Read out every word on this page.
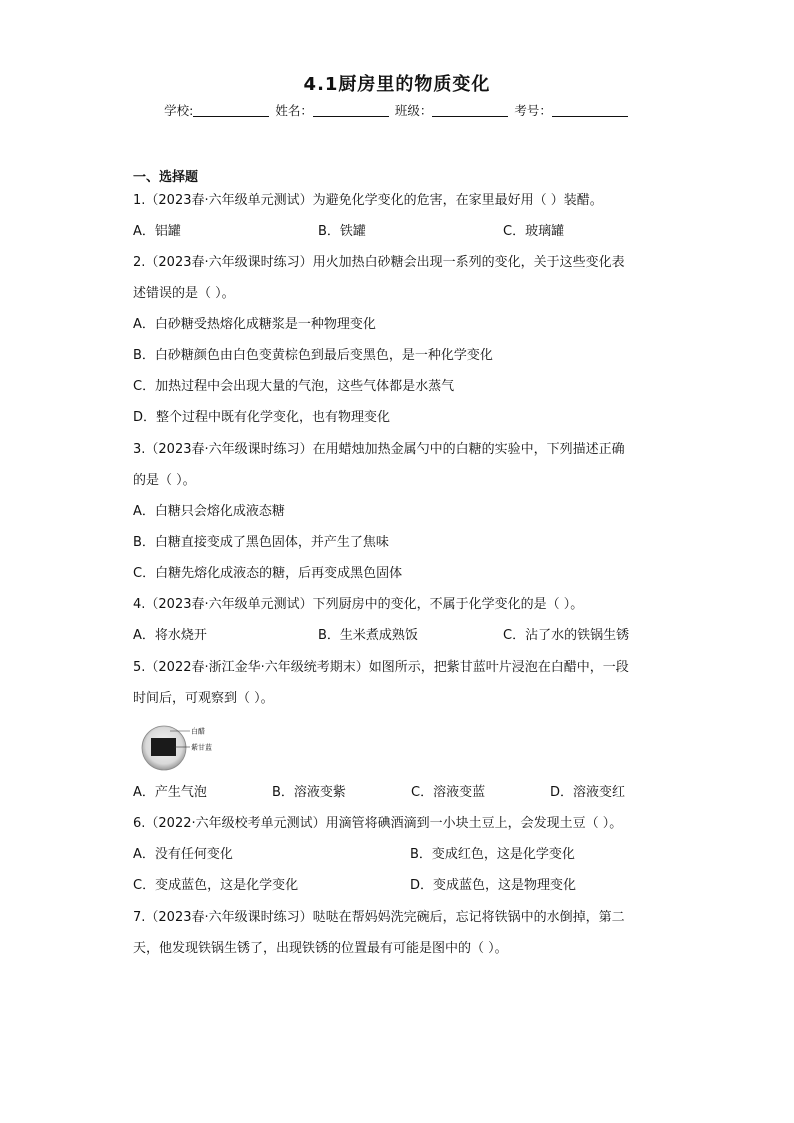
4.1厨房里的物质变化
学校:	姓名：	班级：	考号：
一、选择题
1.（2023春·六年级单元测试）为避免化学变化的危害，在家里最好用（ ）装醋。
A．铝罐	B．铁罐	C．玻璃罐
2.（2023春·六年级课时练习）用火加热白砂糖会出现一系列的变化，关于这些变化表
述错误的是（ ）。
A．白砂糖受热熔化成糖浆是一种物理变化
B．白砂糖颜色由白色变黄棕色到最后变黑色，是一种化学变化
C．加热过程中会出现大量的气泡，这些气体都是水蒸气
D．整个过程中既有化学变化，也有物理变化
3.（2023春·六年级课时练习）在用蜡烛加热金属勺中的白糖的实验中，下列描述正确
的是（ ）。
A．白糖只会熔化成液态糖
B．白糖直接变成了黑色固体，并产生了焦味
C．白糖先熔化成液态的糖，后再变成黑色固体
4.（2023春·六年级单元测试）下列厨房中的变化，不属于化学变化的是（ ）。
A．将水烧开	B．生米煮成熟饭	C．沾了水的铁锅生锈
5.（2022春·浙江金华·六年级统考期末）如图所示，把紫甘蓝叶片浸泡在白醋中，一段
时间后，可观察到（ ）。
白醋
紫甘蓝
A．产生气泡	B．溶液变紫	C．溶液变蓝	D．溶液变红
6.（2022·六年级校考单元测试）用滴管将碘酒滴到一小块土豆上，会发现土豆（ ）。
A．没有任何变化	B．变成红色，这是化学变化
C．变成蓝色，这是化学变化	D．变成蓝色，这是物理变化
7.（2023春·六年级课时练习）哒哒在帮妈妈洗完碗后，忘记将铁锅中的水倒掉，第二
天，他发现铁锅生锈了，出现铁锈的位置最有可能是图中的（ ）。
